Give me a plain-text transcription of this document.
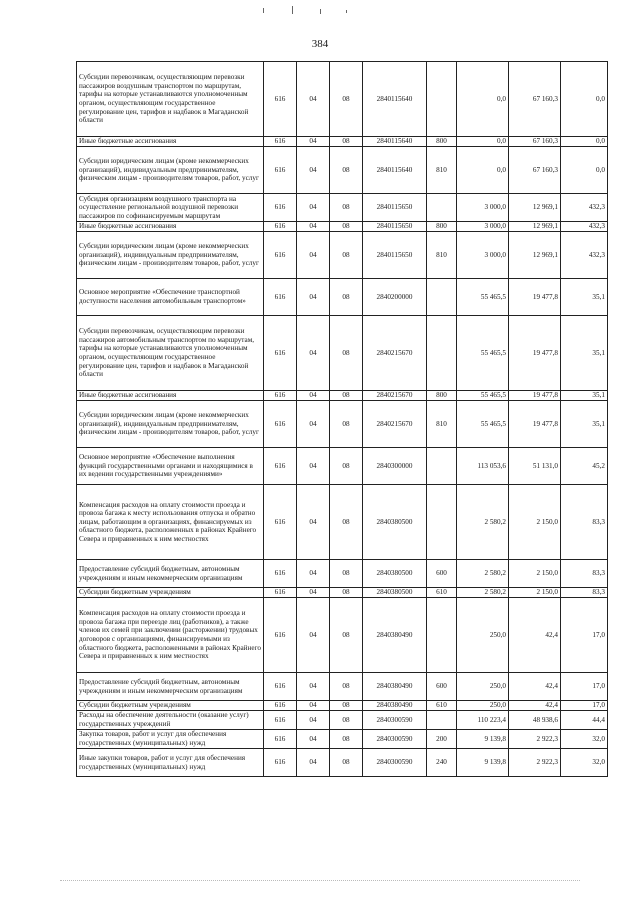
384
Субсидии перевозчикам, осуществляющим перевозки пассажиров воздушным транспортом по маршрутам, тарифы на которые устанавливаются уполномоченным органом, осуществляющим государственное регулирование цен, тарифов и надбавок в Магаданской области	616	04	08	2840115640		0,0	67 160,3	0,0
Иные бюджетные ассигнования	616	04	08	2840115640	800	0,0	67 160,3	0,0
Субсидии юридическим лицам (кроме некоммерческих организаций), индивидуальным предпринимателям, физическим лицам - производителям товаров, работ, услуг	616	04	08	2840115640	810	0,0	67 160,3	0,0
Субсидия организациям воздушного транспорта на осуществление региональной воздушной перевозки пассажиров по софинансируемым маршрутам	616	04	08	2840115650		3 000,0	12 969,1	432,3
Иные бюджетные ассигнования	616	04	08	2840115650	800	3 000,0	12 969,1	432,3
Субсидии юридическим лицам (кроме некоммерческих организаций), индивидуальным предпринимателям, физическим лицам - производителям товаров, работ, услуг	616	04	08	2840115650	810	3 000,0	12 969,1	432,3
Основное мероприятие «Обеспечение транспортной доступности населения автомобильным транспортом»	616	04	08	2840200000		55 465,5	19 477,8	35,1
Субсидии перевозчикам, осуществляющим перевозки пассажиров автомобильным транспортом по маршрутам, тарифы на которые устанавливаются уполномоченным органом, осуществляющим государственное регулирование цен, тарифов и надбавок в Магаданской области	616	04	08	2840215670		55 465,5	19 477,8	35,1
Иные бюджетные ассигнования	616	04	08	2840215670	800	55 465,5	19 477,8	35,1
Субсидии юридическим лицам (кроме некоммерческих организаций), индивидуальным предпринимателям, физическим лицам - производителям товаров, работ, услуг	616	04	08	2840215670	810	55 465,5	19 477,8	35,1
Основное мероприятие «Обеспечение выполнения функций государственными органами и находящимися в их ведении государственными учреждениями»	616	04	08	2840300000		113 053,6	51 131,0	45,2
Компенсация расходов на оплату стоимости проезда и провоза багажа к месту использования отпуска и обратно лицам, работающим в организациях, финансируемых из областного бюджета, расположенных в районах Крайнего Севера и приравненных к ним местностях	616	04	08	2840380500		2 580,2	2 150,0	83,3
Предоставление субсидий бюджетным, автономным учреждениям и иным некоммерческим организациям	616	04	08	2840380500	600	2 580,2	2 150,0	83,3
Субсидии бюджетным учреждениям	616	04	08	2840380500	610	2 580,2	2 150,0	83,3
Компенсация расходов на оплату стоимости проезда и провоза багажа при переезде лиц (работников), а также членов их семей при заключении (расторжении) трудовых договоров с организациями, финансируемыми из областного бюджета, расположенными в районах Крайнего Севера и приравненных к ним местностях	616	04	08	2840380490		250,0	42,4	17,0
Предоставление субсидий бюджетным, автономным учреждениям и иным некоммерческим организациям	616	04	08	2840380490	600	250,0	42,4	17,0
Субсидии бюджетным учреждениям	616	04	08	2840380490	610	250,0	42,4	17,0
Расходы на обеспечение деятельности (оказание услуг) государственных учреждений	616	04	08	2840300590		110 223,4	48 938,6	44,4
Закупка товаров, работ и услуг для обеспечения государственных (муниципальных) нужд	616	04	08	2840300590	200	9 139,8	2 922,3	32,0
Иные закупки товаров, работ и услуг для обеспечения государственных (муниципальных) нужд	616	04	08	2840300590	240	9 139,8	2 922,3	32,0
